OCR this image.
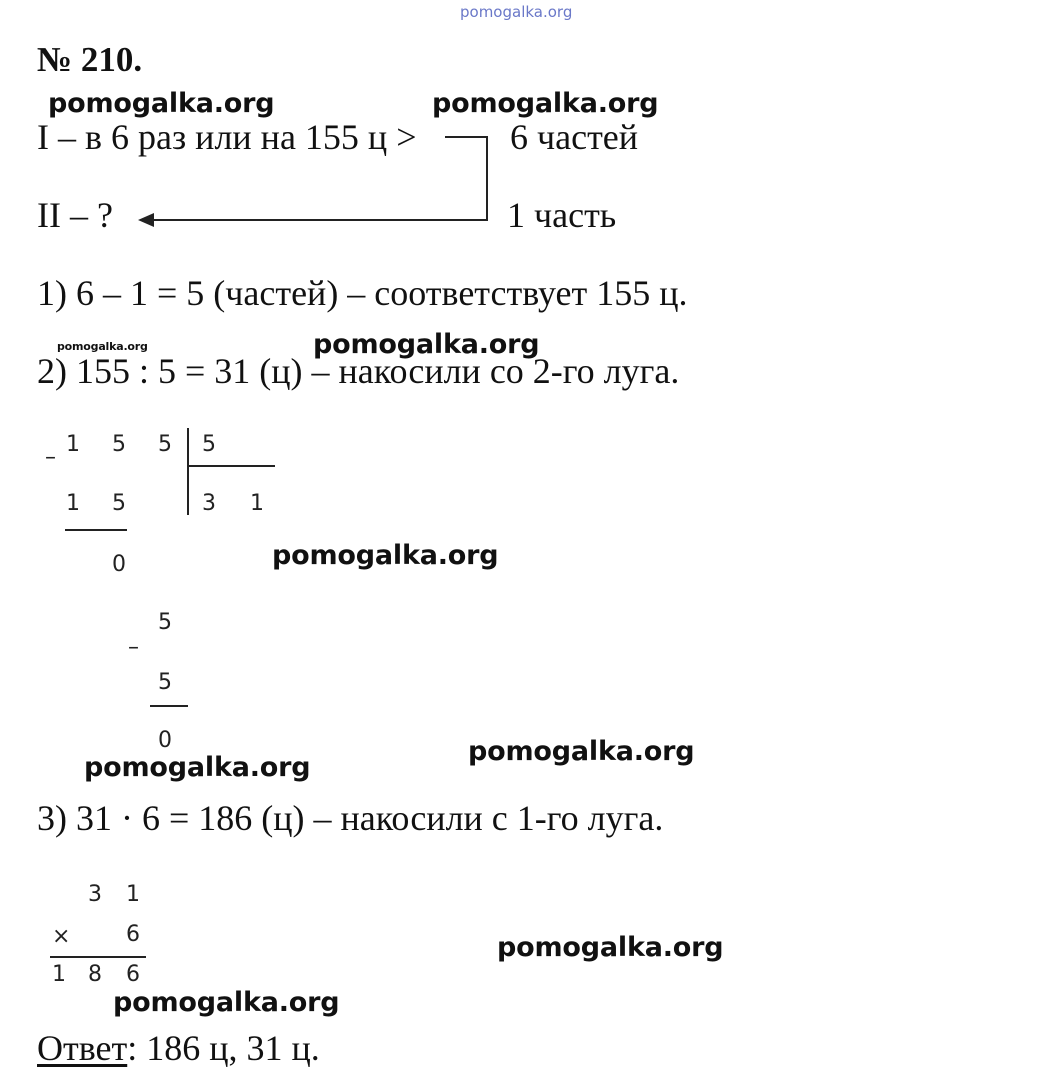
pomogalka.org
№ 210.
pomogalka.org	pomogalka.org
I – в 6 раз или на 155 ц >	6 частей
II – ?	1 часть
1) 6 – 1 = 5 (частей) – соответствует 155 ц.
pomogalka.org	pomogalka.org
2) 155 : 5 = 31 (ц) – накосили со 2-го луга.
–
1 5 5 5
1 5	3 1
0
–
5
5
0
pomogalka.org
pomogalka.org
pomogalka.org
3) 31 · 6 = 186 (ц) – накосили с 1-го луга.
3 1
×	6
1 8 6
pomogalka.org
pomogalka.org
Ответ: 186 ц, 31 ц.
